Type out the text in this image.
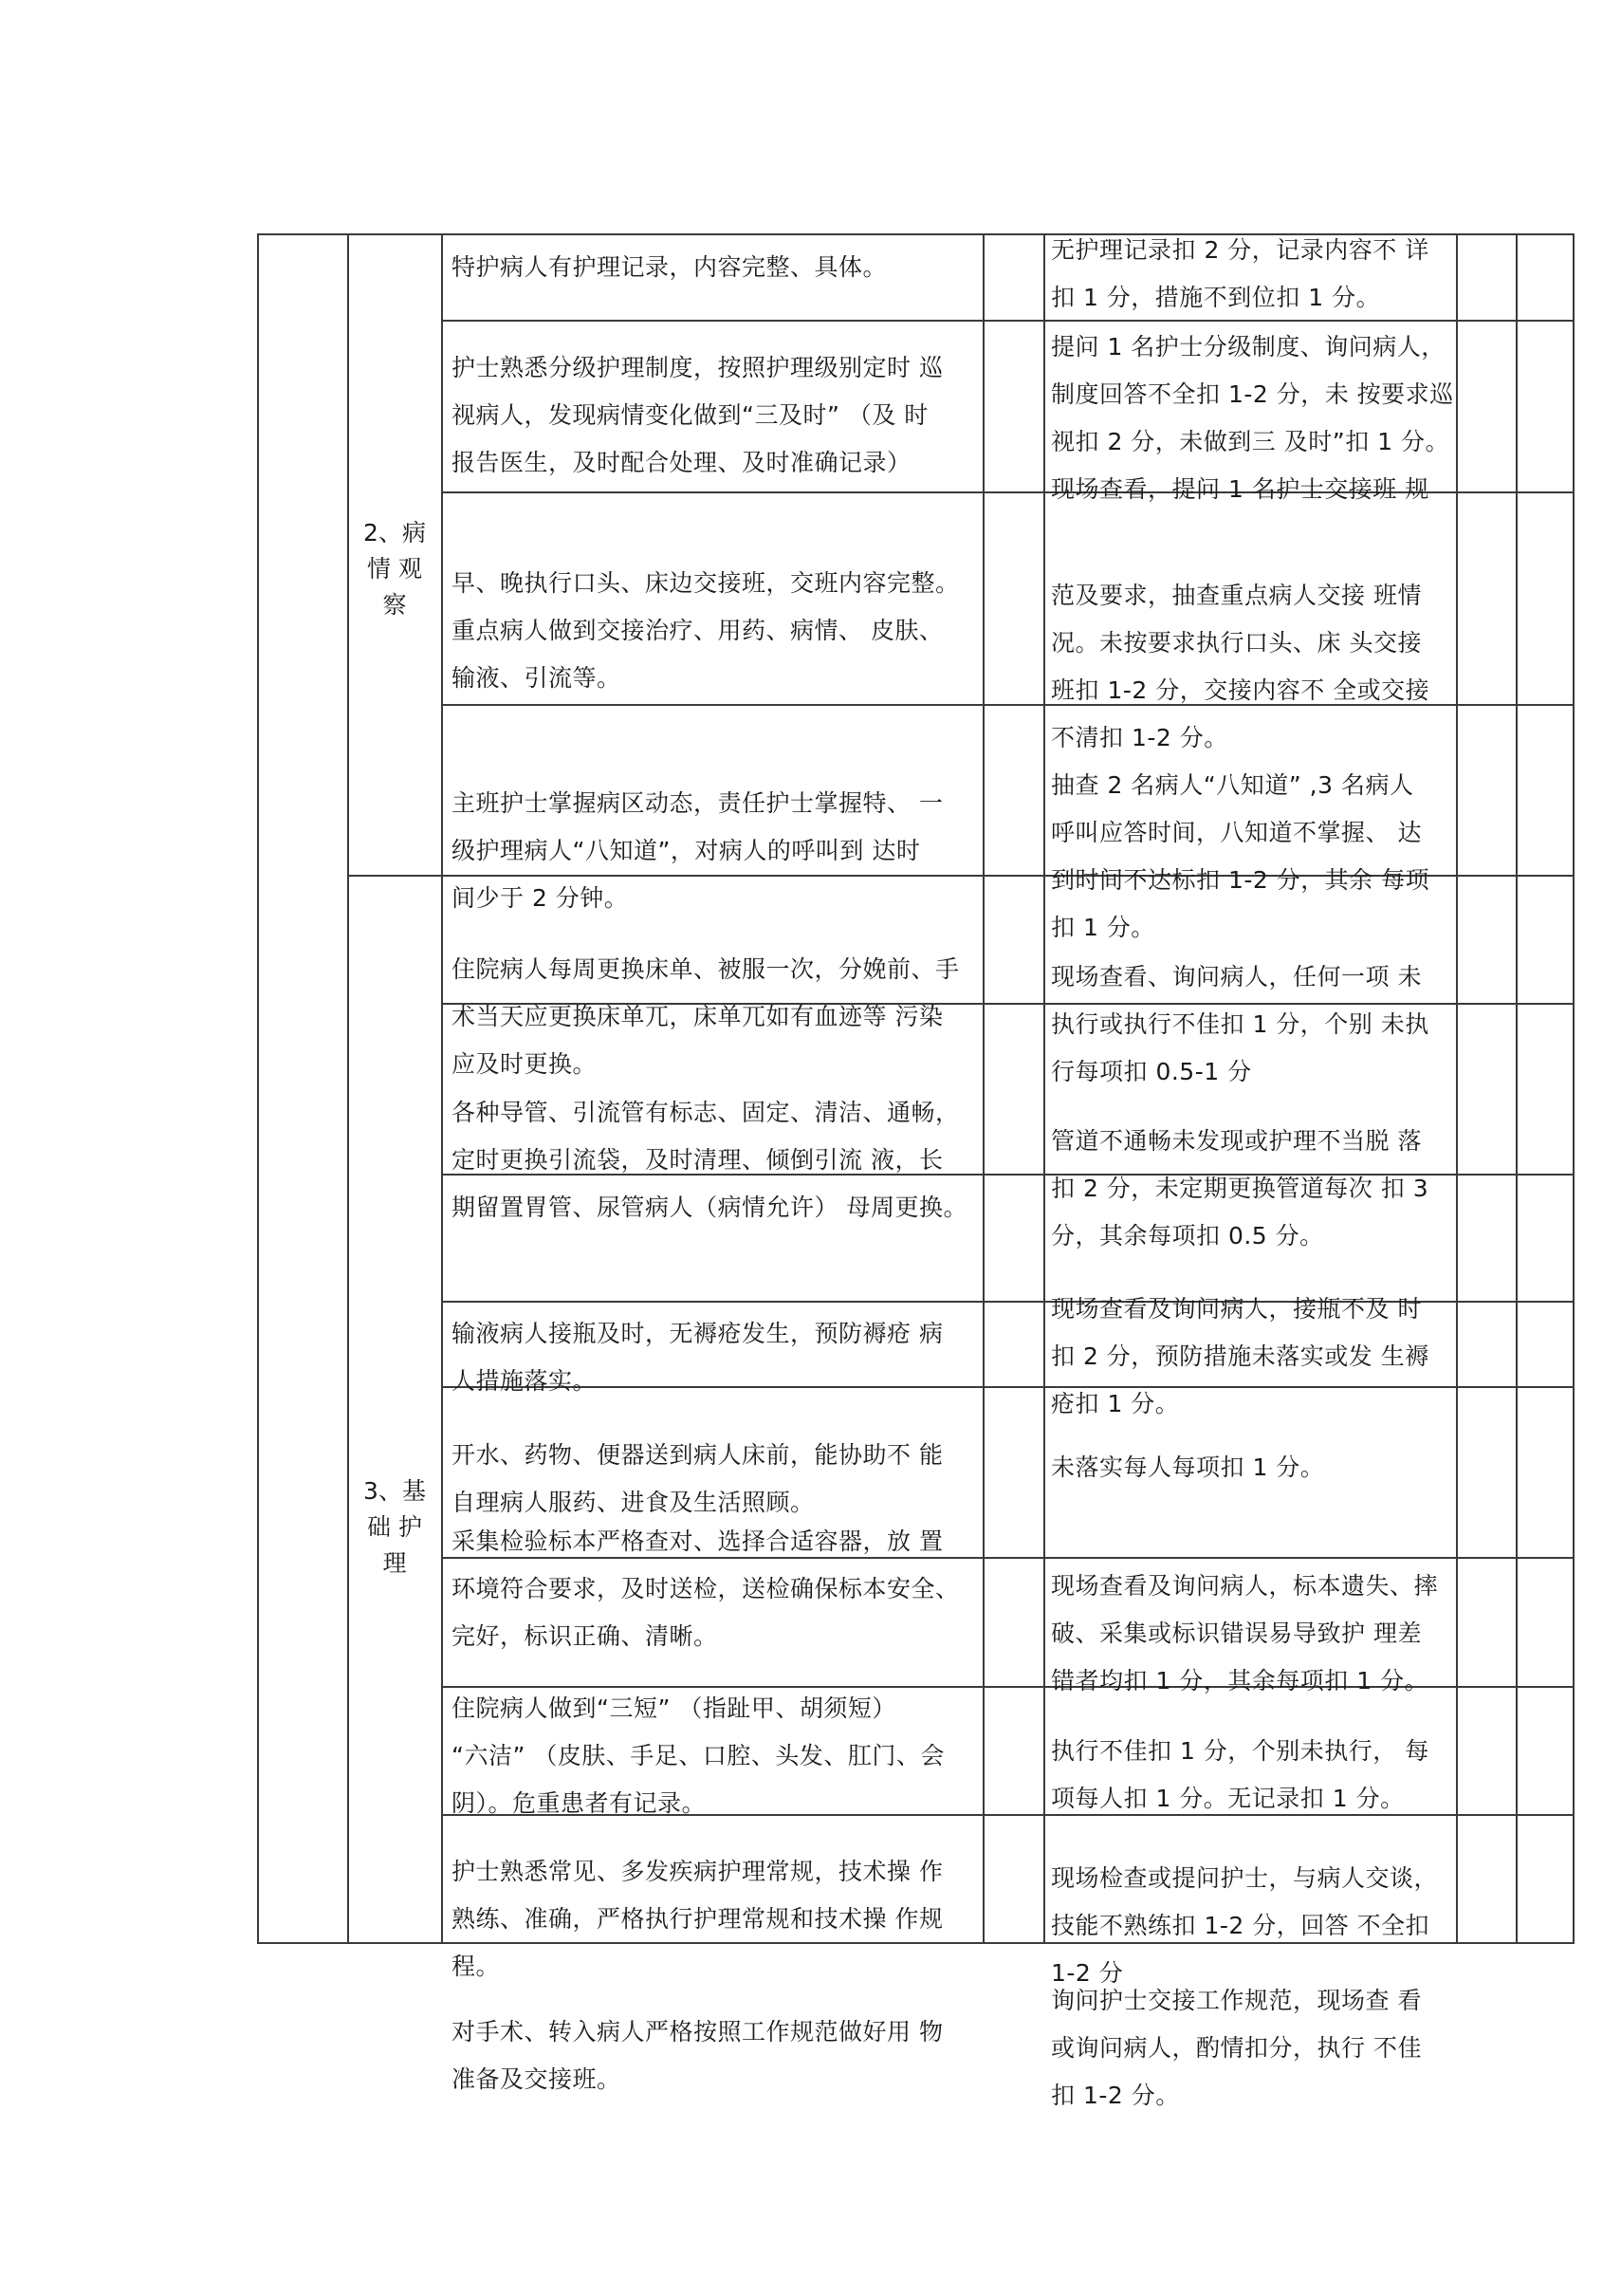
2、病
情 观
察
3、基
础 护
理
特护病人有护理记录，内容完整、具体。
护士熟悉分级护理制度，按照护理级别定时 巡
视病人，发现病情变化做到“三及时” （及 时
报告医生，及时配合处理、及时准确记录）
早、晚执行口头、床边交接班，交班内容完整。
重点病人做到交接治疗、用药、病情、 皮肤、
输液、引流等。
主班护士掌握病区动态，责任护士掌握特、 一
级护理病人“八知道”，对病人的呼叫到 达时
间少于 2 分钟。
住院病人每周更换床单、被服一次，分娩前、手
术当天应更换床单兀，床单兀如有血迹等 污染
应及时更换。
各种导管、引流管有标志、固定、清洁、通畅，
定时更换引流袋，及时清理、倾倒引流 液，长
期留置胃管、尿管病人（病情允许） 母周更换。
输液病人接瓶及时，无褥疮发生，预防褥疮 病
人措施落实。
开水、药物、便器送到病人床前，能协助不 能
自理病人服药、进食及生活照顾。
采集检验标本严格查对、选择合适容器，放 置
环境符合要求，及时送检，送检确保标本安全、
完好，标识正确、清晰。
住院病人做到“三短” （指趾甲、胡须短）
“六洁” （皮肤、手足、口腔、头发、肛门、会
阴）。危重患者有记录。
护士熟悉常见、多发疾病护理常规，技术操 作
熟练、准确，严格执行护理常规和技术操 作规
程。
对手术、转入病人严格按照工作规范做好用 物
准备及交接班。
无护理记录扣 2 分，记录内容不 详
扣 1 分，措施不到位扣 1 分。
提问 1 名护士分级制度、询问病人，
制度回答不全扣 1-2 分，未 按要求巡
视扣 2 分，未做到三 及时”扣 1 分。
现场查看，提问 1 名护士交接班 规
范及要求，抽查重点病人交接 班情
况。未按要求执行口头、床 头交接
班扣 1-2 分，交接内容不 全或交接
不清扣 1-2 分。
抽查 2 名病人“八知道” ,3 名病人
呼叫应答时间，八知道不掌握、 达
到时间不达标扣 1-2 分，其余 每项
扣 1 分。
现场查看、询问病人，任何一项 未
执行或执行不佳扣 1 分，个别 未执
行每项扣 0.5-1 分
管道不通畅未发现或护理不当脱 落
扣 2 分，未定期更换管道每次 扣 3
分，其余每项扣 0.5 分。
现场查看及询问病人，接瓶不及 时
扣 2 分，预防措施未落实或发 生褥
疮扣 1 分。
未落实每人每项扣 1 分。
现场查看及询问病人，标本遗失、摔
破、采集或标识错误易导致护 理差
错者均扣 1 分，其余每项扣 1 分。
执行不佳扣 1 分，个别未执行， 每
项每人扣 1 分。无记录扣 1 分。
现场检查或提问护士，与病人交谈，
技能不熟练扣 1-2 分，回答 不全扣
1-2 分
询问护士交接工作规范，现场查 看
或询问病人，酌情扣分，执行 不佳
扣 1-2 分。
